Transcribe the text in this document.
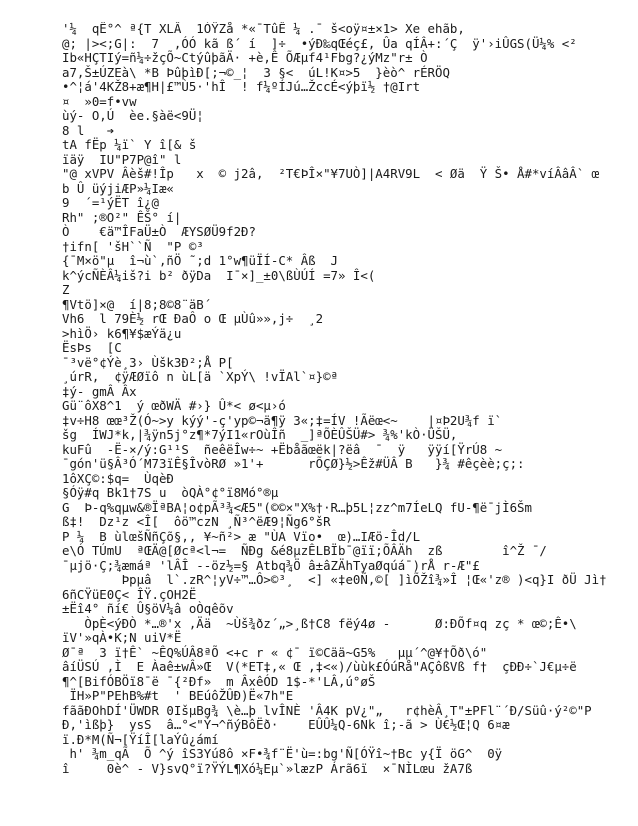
'¼  qË°^ ª{T XLÂ  1ÒŸZå *«¯TûÊ ¼ .¯ š<oÿ¤±×1> Xe ehãb,
@; |><;G|:  7  ,ÓÓ kã ß´ í  ]÷  •ýÐ‰qŒéç£, Ûa qÍÂ+:´Ç  ÿ'›iÛGS(Ü¼% <²
Ib«HÇTIý=ñ¼÷žçÕ~CtýûþãÄ· +è,Ê ÕÆµf4¹Fbg?¿ýMz"r± Ò
a7,Š±ÚZEà\ *B ÞûþìÐ[;¬©_¦  3 §<  úL!K¤>5  }èò^ rÉRÖQ
•^¦á'4KŽ8+æ¶H|£™Ù5·'hÎ  ! f¼ºÍJú…ŽccÉ<ýþï½ †@Irt
¤  »0=f•vw
ùý- O,Ú  èe.§àë<9Ü¦
8 l   ➔
tA fËp ¼ï` Y î[& š
ïäÿ  IU"P7P@î" l
"@ xVPV Âèš#!Îp   x  © j2â,  ²T€ÞÎ×"¥7UÒ]|A4RV9L  < Øä  Ÿ Š• Å#*víÂâÂ` œ
b Û üýjiÆP»¼Iæ«
9  ´=¹ýËT î¿@
Rh" ;®O²" ÊŠ° í|
Ò    €ä™ÎFaÜ±Ò  ÆYSØÜ9f2Ð?
†ifn[ 'šH``Ñ  "P ©³
{¯M×ö"µ  î¬ù`,ñÖ ˜;d 1°w¶üÏÍ-C* Âß  J
k^ýcÑÈÂ¼iš?i b² ðÿDa  I¯×]_±0\ßÙÚÍ =7» Î<(
Z
¶Vtö]×@  í|8;8©8¨äB´
Vh6  l 79È½ rŒ ÐaÔ o Œ µÙû»»,j÷  ¸2
>hìÖ› k6¶¥$æÝä¿u
ËsÞs  [C
¯³vë°¢Ýè¸3› Ùšk3Ð²;Å P[
¸úrR,  ¢ÿÆØïô n ùL[ä `XpÝ\ !vÏAl`¤}©ª
‡ý- gmÂ Âx
Gü¨ôX8^1  ý œðWÄ #›} Û*< ø<µ›ó
‡v÷H8 œœ³Ž(Ó~>y kýý'-ç'yp©¬ä¶ÿ 3«;‡=ÍV !Ãëœ<~    |¤Þ2U¾f ï`
šg  ÍWJ*k,|¾ÿn5j°z¶*7ýI1«rOùÎñ  _]ªÕÈÛŠÜ#> ¾%'kÒ·ÜŠÜ,
kuFû  -Ë-×/ý:G¹¹S  ñeêëÎw÷~ +Ëbåãœëk|?ëâ  ¯  ÿ   ÿÿí[ŸrÚ8 ~
¯gón'ü§Â³Ó´M73ïÊ§ÎvòRØ »1'+      rÕÇØ}½>Êž#ÜÂ B   }¾ #êçèè;ç;:
1ôXÇ©:$q=  ÙqèÐ
§Óÿ#q Bk1†7S u  òQÀ°¢°ï8Mó°®µ
G  Þ-q%qµw&®ÏªBA¦o¢pÃ³¾<Æ5"(©©×"X%†·R…þ5L¦zz^m7ÍeLQ fU-¶ë¯jÌ6Šm
ß‡!  Dz¹z <Î[  ôö™czN ¸Ñ³^ëÆ9¦Ñg6°šR
P ¼  B ùlœšÑñÇõ§,, ¥~ñ²> æ "ÙA Vïo•  œ)…IÆö-Îd/L
e\Ó TÚmU  ªŒÄ@[Øcª<l¬=  ÑÐg &é8µzÊLBÏb¯@ïï;ÕÂÄh  zß        î^Ž ¯/
¯µjö·Ç;¾æmáª 'lÂÎ --öz½=§ Atbq¾Ö â±âZÄhTyaØqúá¯)rÅ r-Æ"£
Þpµâ  l`.zR^¦yV÷™…Ô>©³¸  <] «‡e0Ñ,©[ ]ìÕŽî¾»Î ¦Œ«'z® )<q}I ðÜ Jì†
6ñCŸüE0Ç< ÎŸ.çOH2Ë
±Ëî4° ñí€ Û§öV¼â oÒqêõv
ÒpÈ<ýÐÒ *…®'x ,Ää  ~Ùš¾ðz´„>¸ß†C8 fëý4ø -      Ø:ÐÕf¤q zç * œ©;Ê•\
ïV'»qÀ•K;N uiV*Ë
Ø¯ª  3 ï†Ê` ~ÊQ%ÚÂ8ªÕ <+c r « ¢¯ ï©Cää~G5%   µµ´^@¥†Õð\ó"
âíÜSÚ ,Ì  E Àaê±wÂ»Œ  V(*ET‡,« Œ ,‡<«)/ùùk£ÓúRå"AÇôßVß f†  çÐÐ÷`J€µ÷ë
¶^[BifÓBÖï8¯ë ¯{²Ðf»  m ÂxêÓD 1$-*'LÂ,ú°øŠ
ÏH»P"PEhB%#t  ' BEúôŽÛÐ)Ë«7h"E
fããÐOhDÍ'ÜWDR 0IšµBg¾ \è…þ lvÎNÈ 'Â4K pV¿"„   r¢hèÂ¸T"±PFl¨´Ð/Süû·ý²©"P
Ð,'ìßþ}  ysS  â…°<"Ý¬^ñýBôËð·    EÛÛ¼Q-6Nk î;-ã > Ù€½Œ¦Q 6¤æ
ï.Ð*M(Ñ¬[ŸíÎ[laÝû¿ámí
h' ¾m_qÃ  Õ ^ý îS3Yú8ô ×F•¾f¨Ë'ù=:bg'Ñ[ÓŸî~†Bc y{Ï öG^  0ÿ
î     0è^ - V}svQ°ï?ŸÝL¶Xó¼Eµ`»læzP Árã6ï  ×¯NÌLœu žA7ß
